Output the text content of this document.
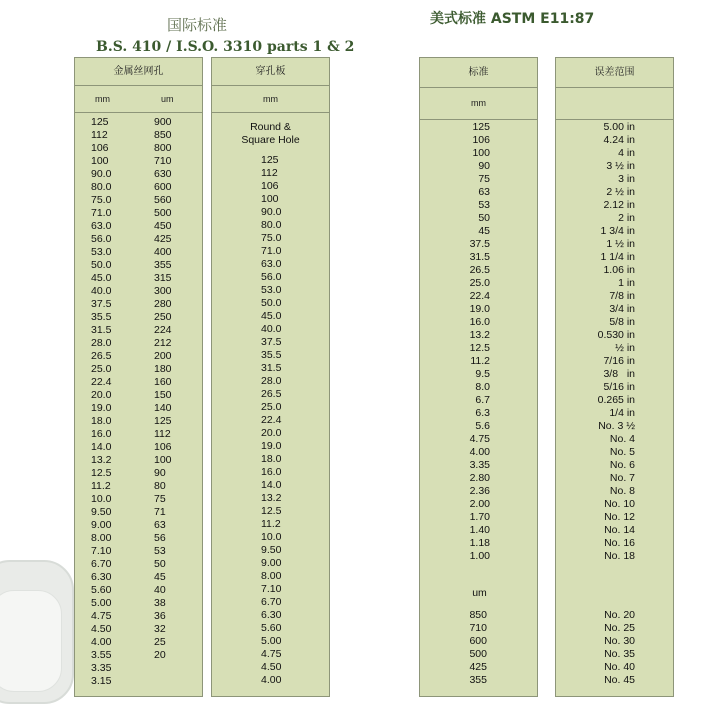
国际标准
B.S. 410 / I.S.O. 3310 parts 1 & 2
美式标准 ASTM E11:87
金属丝网孔
mm	um
125
112
106
100
90.0
80.0
75.0
71.0
63.0
56.0
53.0
50.0
45.0
40.0
37.5
35.5
31.5
28.0
26.5
25.0
22.4
20.0
19.0
18.0
16.0
14.0
13.2
12.5
11.2
10.0
9.50
9.00
8.00
7.10
6.70
6.30
5.60
5.00
4.75
4.50
4.00
3.55
3.35
3.15
900
850
800
710
630
600
560
500
450
425
400
355
315
300
280
250
224
212
200
180
160
150
140
125
112
106
100
90
80
75
71
63
56
53
50
45
40
38
36
32
25
20
穿孔板
mm
Round &
Square Hole
125
112
106
100
90.0
80.0
75.0
71.0
63.0
56.0
53.0
50.0
45.0
40.0
37.5
35.5
31.5
28.0
26.5
25.0
22.4
20.0
19.0
18.0
16.0
14.0
13.2
12.5
11.2
10.0
9.50
9.00
8.00
7.10
6.70
6.30
5.60
5.00
4.75
4.50
4.00
标准
mm
125
106
100
90
75
63
53
50
45
37.5
31.5
26.5
25.0
22.4
19.0
16.0
13.2
12.5
11.2
9.5
8.0
6.7
6.3
5.6
4.75
4.00
3.35
2.80
2.36
2.00
1.70
1.40
1.18
1.00
um
850
710
600
500
425
355
误差范围
5.00 in
4.24 in
4 in
3 ½ in
3 in
2 ½ in
2.12 in
2 in
1 3/4 in
1 ½ in
1 1/4 in
1.06 in
1 in
7/8 in
3/4 in
5/8 in
0.530 in
½ in
7/16 in
3/8   in
5/16 in
0.265 in
1/4 in
No. 3 ½
No. 4
No. 5
No. 6
No. 7
No. 8
No. 10
No. 12
No. 14
No. 16
No. 18
No. 20
No. 25
No. 30
No. 35
No. 40
No. 45
